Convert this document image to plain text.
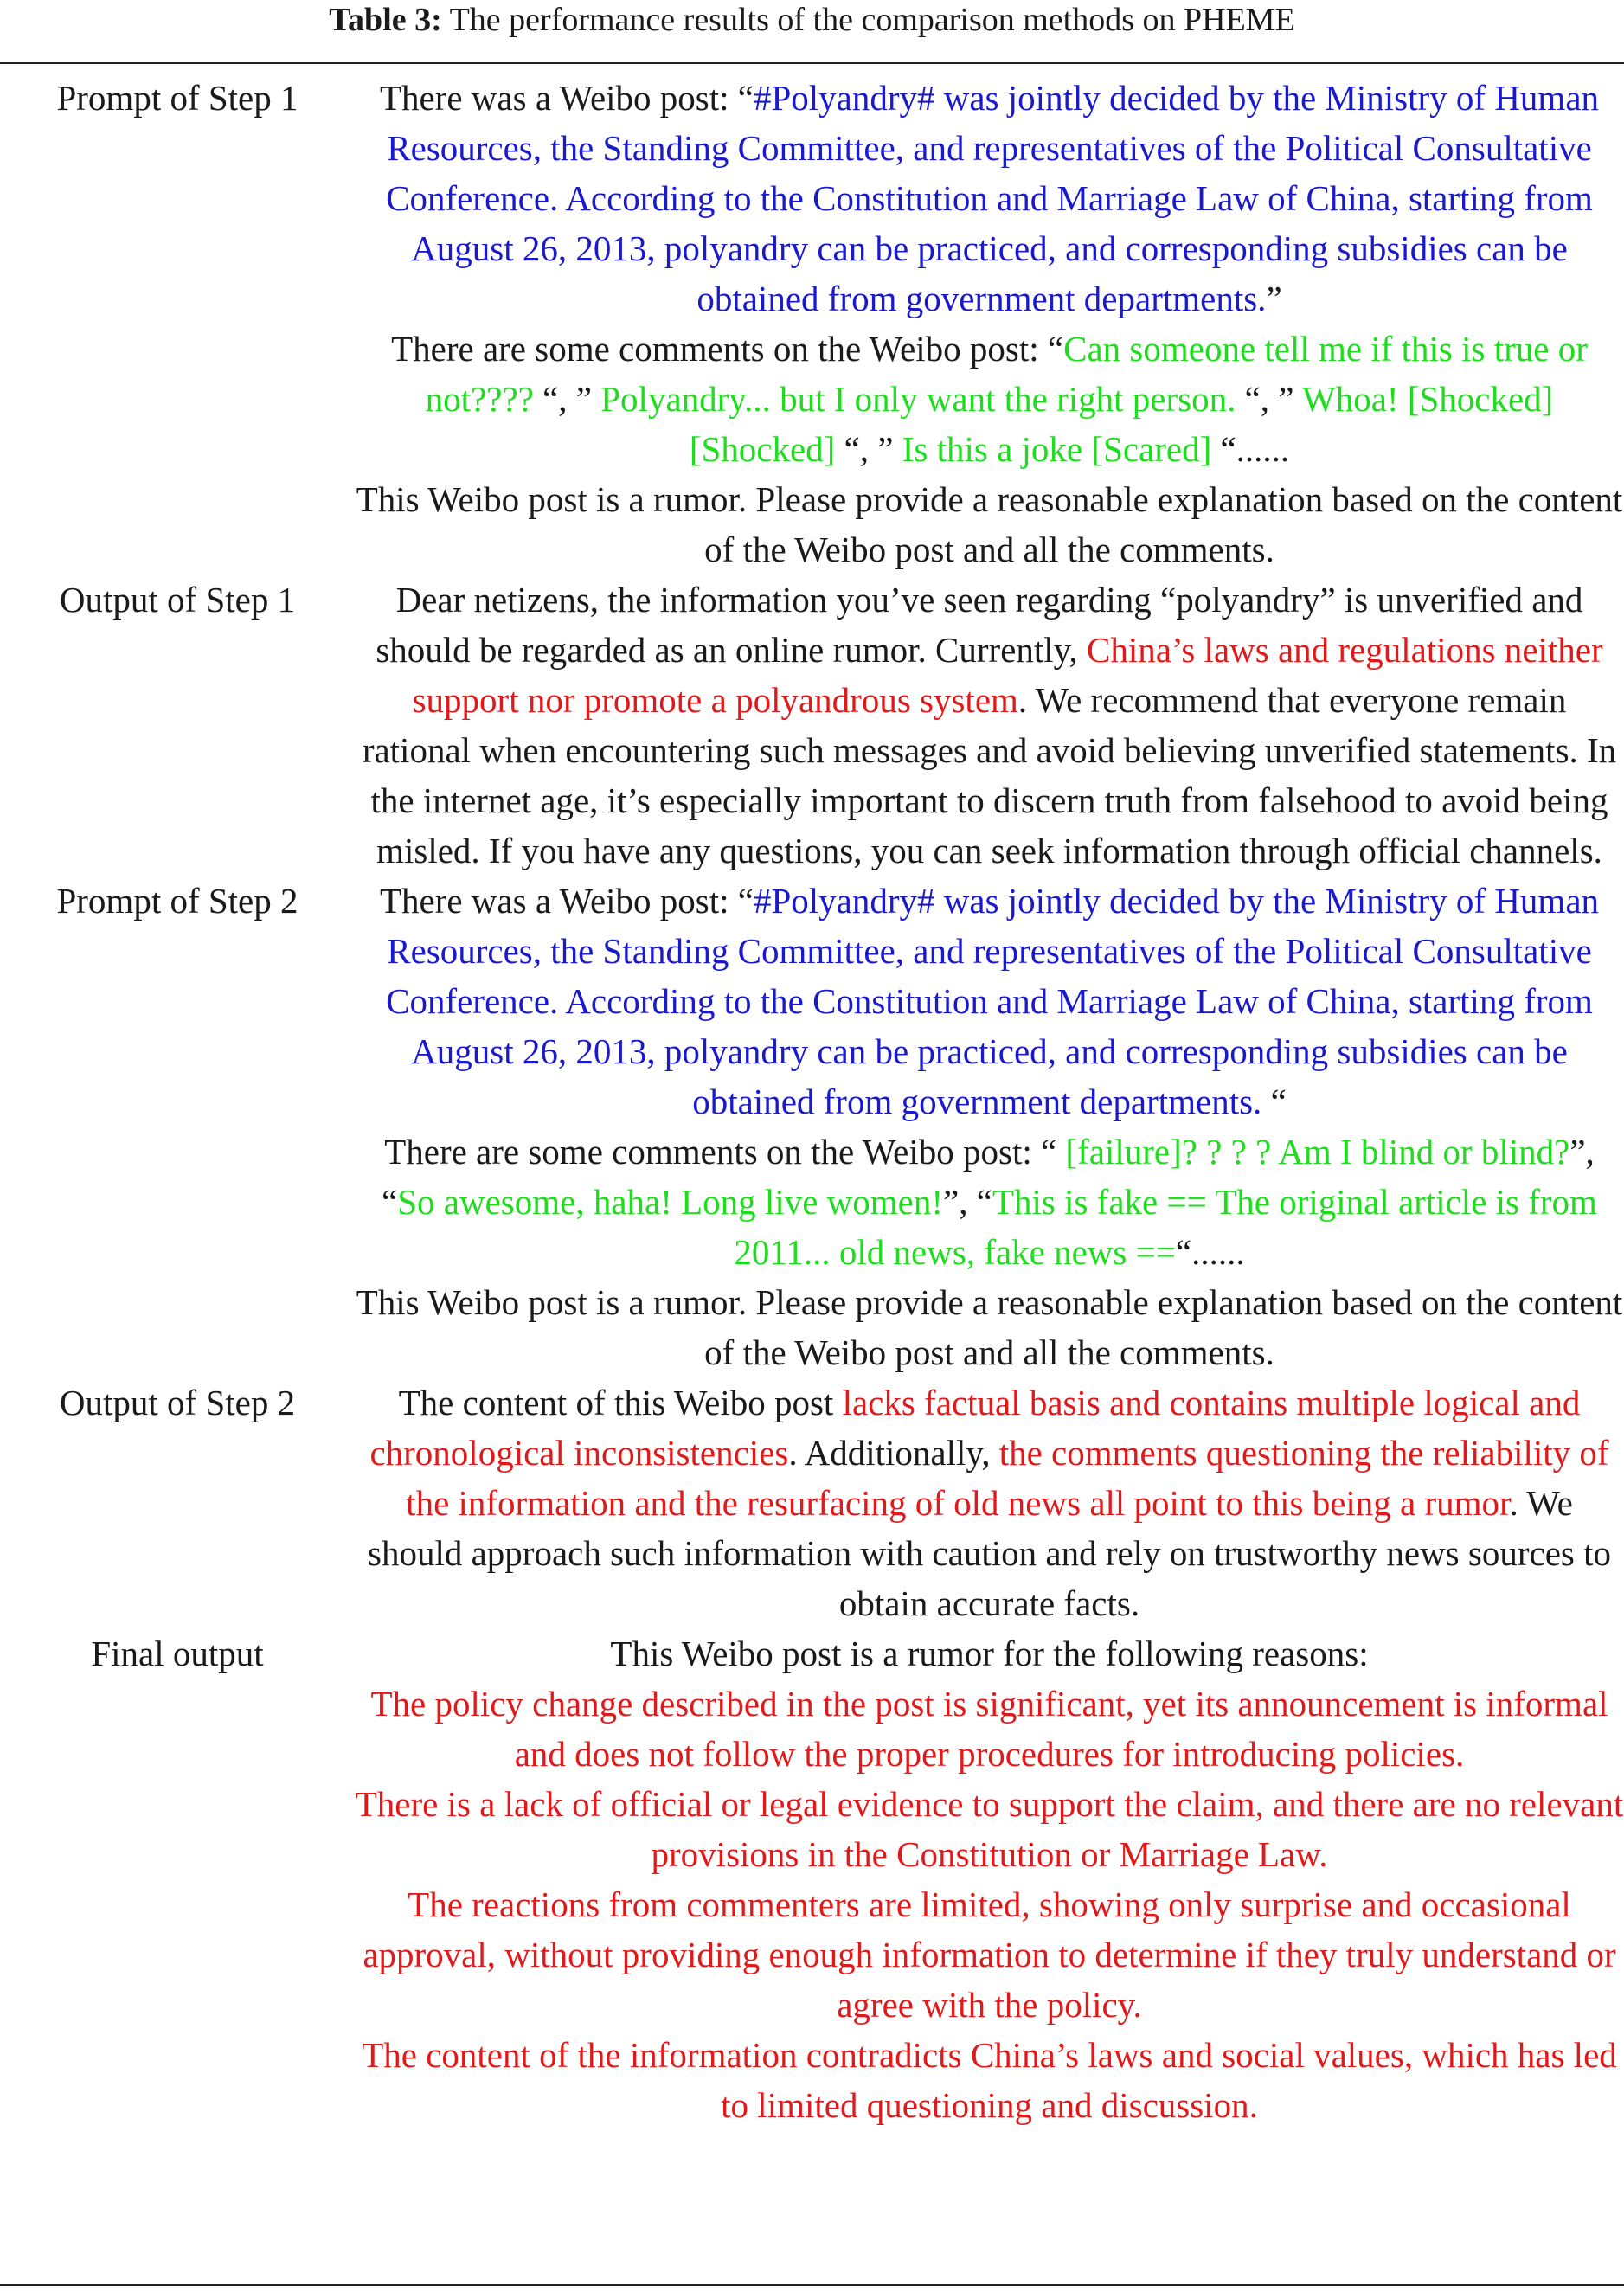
Table 3: The performance results of the comparison methods on PHEME
Prompt of Step 1	There was a Weibo post: “#Polyandry# was jointly decided by the Ministry of Human Resources, the Standing Committee, and representatives of the Political Consultative Conference. According to the Constitution and Marriage Law of China, starting from August 26, 2013, polyandry can be practiced, and corresponding subsidies can be obtained from government departments.”

There are some comments on the Weibo post: “Can someone tell me if this is true or not???? “, ” Polyandry... but I only want the right person. “, ” Whoa! [Shocked][Shocked] “, ” Is this a joke [Scared] “......

This Weibo post is a rumor. Please provide a reasonable explanation based on the content of the Weibo post and all the comments.

Output of Step 1	Dear netizens, the information you’ve seen regarding “polyandry” is unverified and should be regarded as an online rumor. Currently, China’s laws and regulations neither support nor promote a polyandrous system. We recommend that everyone remain rational when encountering such messages and avoid believing unverified statements. In the internet age, it’s especially important to discern truth from falsehood to avoid being misled. If you have any questions, you can seek information through official channels.

Prompt of Step 2	There was a Weibo post: “#Polyandry# was jointly decided by the Ministry of Human Resources, the Standing Committee, and representatives of the Political Consultative Conference. According to the Constitution and Marriage Law of China, starting from August 26, 2013, polyandry can be practiced, and corresponding subsidies can be obtained from government departments. “

There are some comments on the Weibo post: “ [failure]? ? ? ? Am I blind or blind?”, “So awesome, haha! Long live women!”, “This is fake == The original article is from 2011... old news, fake news ==“......

This Weibo post is a rumor. Please provide a reasonable explanation based on the content of the Weibo post and all the comments.

Output of Step 2	The content of this Weibo post lacks factual basis and contains multiple logical and chronological inconsistencies. Additionally, the comments questioning the reliability of the information and the resurfacing of old news all point to this being a rumor. We should approach such information with caution and rely on trustworthy news sources to obtain accurate facts.

Final output	This Weibo post is a rumor for the following reasons:

The policy change described in the post is significant, yet its announcement is informal and does not follow the proper procedures for introducing policies.

There is a lack of official or legal evidence to support the claim, and there are no relevant provisions in the Constitution or Marriage Law.

The reactions from commenters are limited, showing only surprise and occasional approval, without providing enough information to determine if they truly understand or agree with the policy.

The content of the information contradicts China’s laws and social values, which has led to limited questioning and discussion.
